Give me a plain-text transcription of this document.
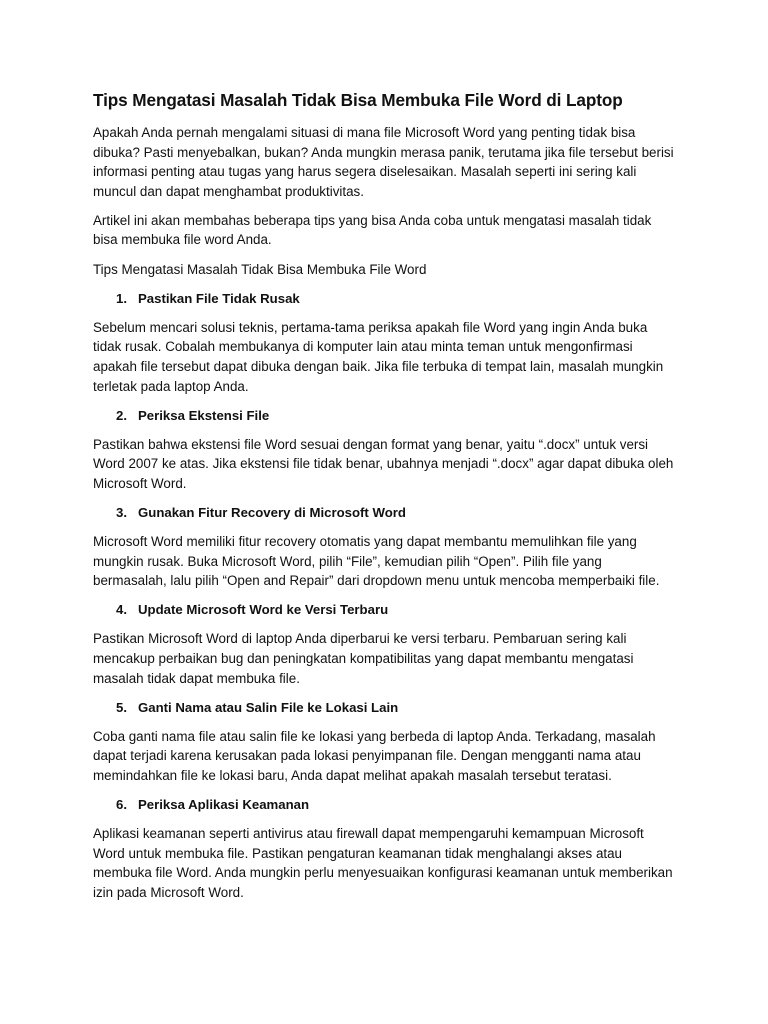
Tips Mengatasi Masalah Tidak Bisa Membuka File Word di Laptop

Apakah Anda pernah mengalami situasi di mana file Microsoft Word yang penting tidak bisa dibuka? Pasti menyebalkan, bukan? Anda mungkin merasa panik, terutama jika file tersebut berisi informasi penting atau tugas yang harus segera diselesaikan. Masalah seperti ini sering kali muncul dan dapat menghambat produktivitas.

Artikel ini akan membahas beberapa tips yang bisa Anda coba untuk mengatasi masalah tidak bisa membuka file word Anda.

Tips Mengatasi Masalah Tidak Bisa Membuka File Word

1. Pastikan File Tidak Rusak

Sebelum mencari solusi teknis, pertama-tama periksa apakah file Word yang ingin Anda buka tidak rusak. Cobalah membukanya di komputer lain atau minta teman untuk mengonfirmasi apakah file tersebut dapat dibuka dengan baik. Jika file terbuka di tempat lain, masalah mungkin terletak pada laptop Anda.

2. Periksa Ekstensi File

Pastikan bahwa ekstensi file Word sesuai dengan format yang benar, yaitu “.docx” untuk versi Word 2007 ke atas. Jika ekstensi file tidak benar, ubahnya menjadi “.docx” agar dapat dibuka oleh Microsoft Word.

3. Gunakan Fitur Recovery di Microsoft Word

Microsoft Word memiliki fitur recovery otomatis yang dapat membantu memulihkan file yang mungkin rusak. Buka Microsoft Word, pilih “File”, kemudian pilih “Open”. Pilih file yang bermasalah, lalu pilih “Open and Repair” dari dropdown menu untuk mencoba memperbaiki file.

4. Update Microsoft Word ke Versi Terbaru

Pastikan Microsoft Word di laptop Anda diperbarui ke versi terbaru. Pembaruan sering kali mencakup perbaikan bug dan peningkatan kompatibilitas yang dapat membantu mengatasi masalah tidak dapat membuka file.

5. Ganti Nama atau Salin File ke Lokasi Lain

Coba ganti nama file atau salin file ke lokasi yang berbeda di laptop Anda. Terkadang, masalah dapat terjadi karena kerusakan pada lokasi penyimpanan file. Dengan mengganti nama atau memindahkan file ke lokasi baru, Anda dapat melihat apakah masalah tersebut teratasi.

6. Periksa Aplikasi Keamanan

Aplikasi keamanan seperti antivirus atau firewall dapat mempengaruhi kemampuan Microsoft Word untuk membuka file. Pastikan pengaturan keamanan tidak menghalangi akses atau membuka file Word. Anda mungkin perlu menyesuaikan konfigurasi keamanan untuk memberikan izin pada Microsoft Word.
